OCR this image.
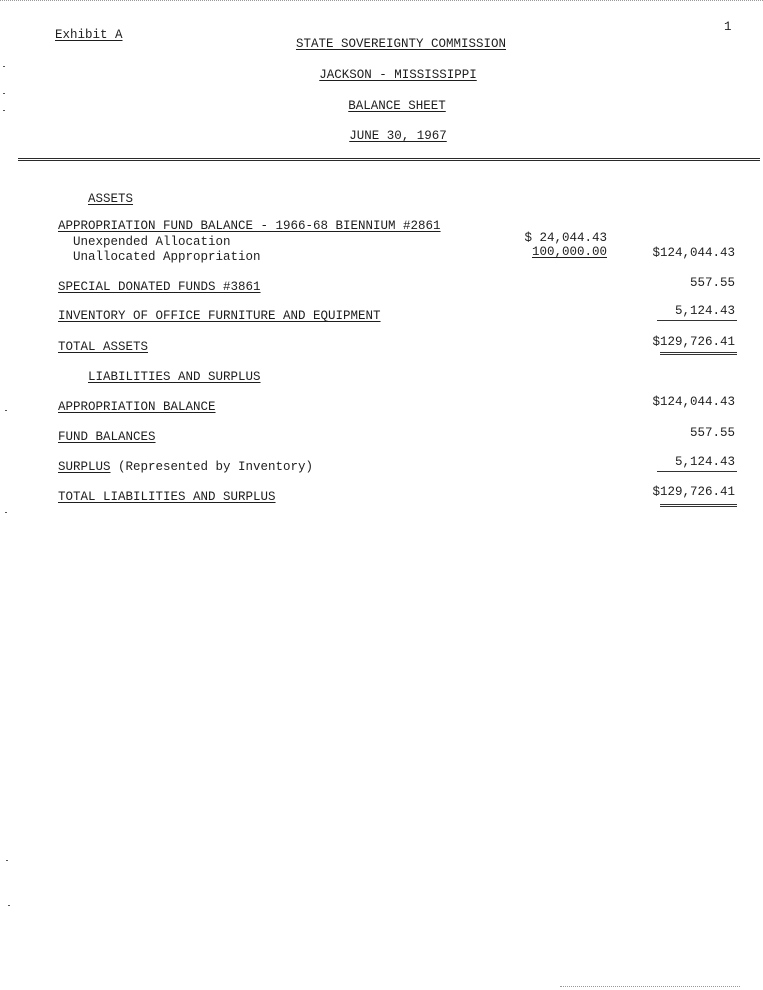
Exhibit A
1
STATE SOVEREIGNTY COMMISSION
JACKSON - MISSISSIPPI
BALANCE SHEET
JUNE 30, 1967
ASSETS
APPROPRIATION FUND BALANCE - 1966-68 BIENNIUM #2861
Unexpended Allocation	$ 24,044.43
Unallocated Appropriation	100,000.00	$124,044.43
SPECIAL DONATED FUNDS #3861	557.55
INVENTORY OF OFFICE FURNITURE AND EQUIPMENT	5,124.43
TOTAL ASSETS	$129,726.41
LIABILITIES AND SURPLUS
APPROPRIATION BALANCE	$124,044.43
FUND BALANCES	557.55
SURPLUS (Represented by Inventory)	5,124.43
TOTAL LIABILITIES AND SURPLUS	$129,726.41
